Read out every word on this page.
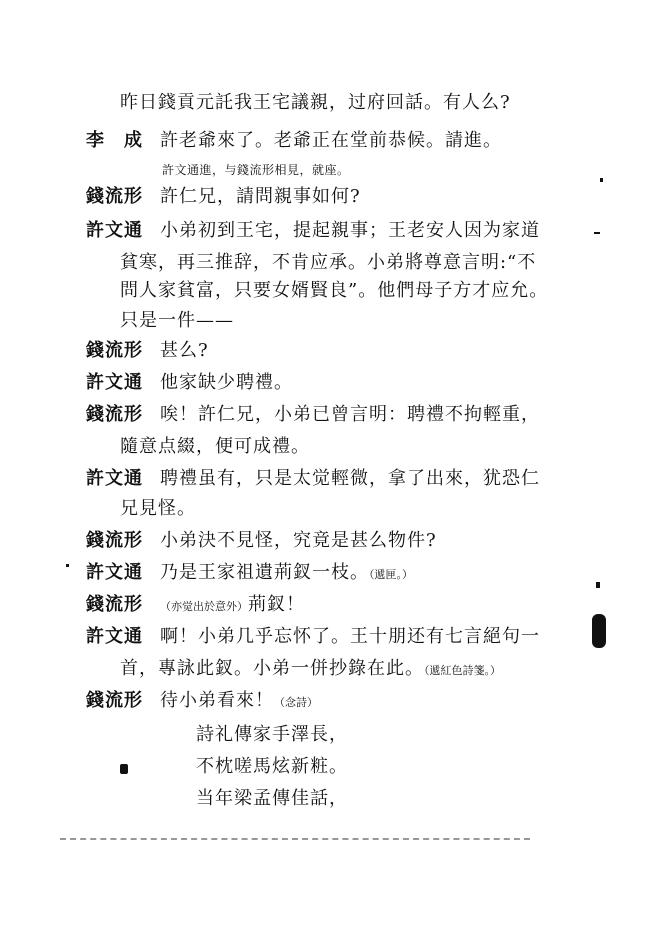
昨日錢貢元託我王宅議親，过府回話。有人么?
李　成 許老爺來了。老爺正在堂前恭候。請進。
許文通進，与錢流形相見，就座。
錢流形 許仁兄，請問親事如何?
許文通 小弟初到王宅，提起親事；王老安人因为家道
貧寒，再三推辞，不肯应承。小弟將尊意言明:“不
問人家貧富，只要女婿賢良”。他們母子方才应允。
只是一件——
錢流形 甚么?
許文通 他家缺少聘禮。
錢流形 唉！許仁兄，小弟已曾言明：聘禮不拘輕重，
隨意点綴，便可成禮。
許文通 聘禮虽有，只是太觉輕微，拿了出來，犹恐仁
兄見怪。
錢流形 小弟決不見怪，究竟是甚么物件?
許文通 乃是王家祖遺荊釵一枝。（遞匣。）
錢流形 （亦觉出於意外）荊釵！
許文通 啊！小弟几乎忘怀了。王十朋还有七言絕句一
首，專詠此釵。小弟一併抄錄在此。（遞紅色詩箋。）
錢流形 待小弟看來！（念詩）
詩礼傳家手澤長，
不枕嗟馬炫新粧。
当年梁孟傳佳話，
